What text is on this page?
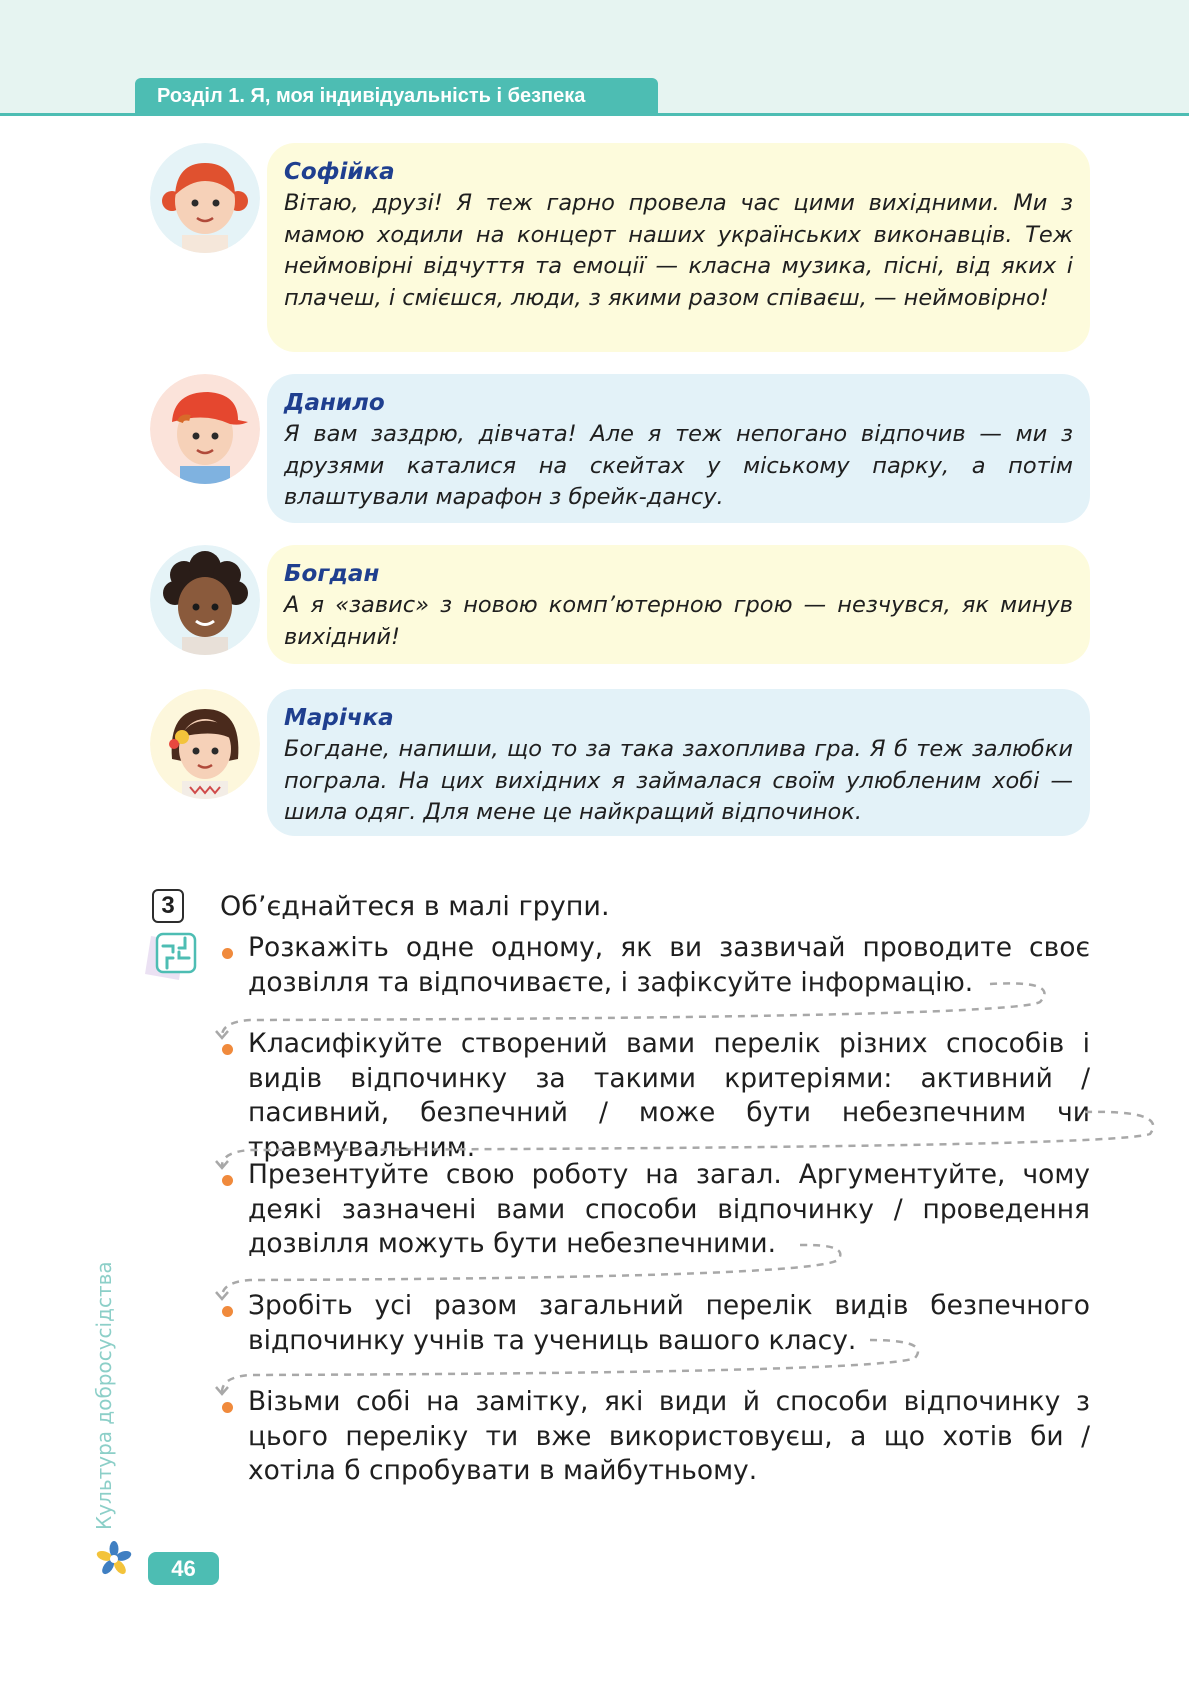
Розділ 1. Я, моя індивідуальність і безпека
Софійка
Вітаю, друзі! Я теж гарно провела час цими вихідними. Ми з мамою ходили на концерт наших українських виконавців. Теж неймовірні відчуття та емоції — класна музика, пісні, від яких і плачеш, і смієшся, люди, з якими разом співаєш, — неймовірно!
Данило
Я вам заздрю, дівчата! Але я теж непогано відпочив — ми з друзями каталися на скейтах у міському парку, а потім влаштували марафон з брейк-дансу.
Богдан
А я «завис» з новою комп’ютерною грою — незчувся, як минув вихідний!
Марічка
Богдане, напиши, що то за така захоплива гра. Я б теж залюбки пограла. На цих вихідних я займалася своїм улюбленим хобі — шила одяг. Для мене це найкращий відпочинок.
3	Об’єднайтеся в малі групи.
Розкажіть одне одному, як ви зазвичай проводите своє дозвілля та відпочиваєте, і зафіксуйте інформацію.
Класифікуйте створений вами перелік різних способів і видів відпочинку за такими критеріями: активний / пасивний, безпечний / може бути небезпечним чи травмувальним.
Презентуйте свою роботу на загал. Аргументуйте, чому деякі зазначені вами способи відпочинку / проведення дозвілля можуть бути небезпечними.
Зробіть усі разом загальний перелік видів безпечного відпочинку учнів та учениць вашого класу.
Візьми собі на замітку, які види й способи відпочинку з цього переліку ти вже використовуєш, а що хотів би / хотіла б спробувати в майбутньому.
Культура добросусідства
46
